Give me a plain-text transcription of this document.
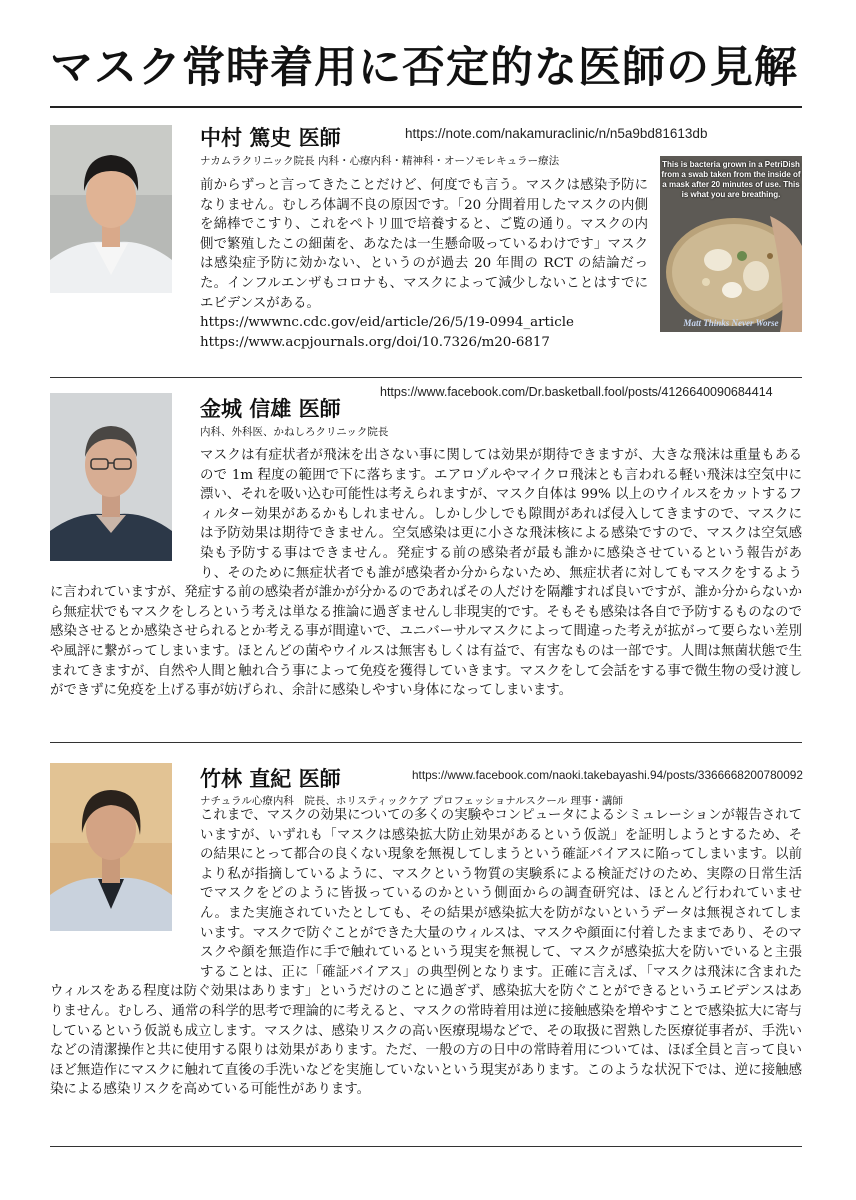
マスク常時着用に否定的な医師の見解
中村 篤史 医師	https://note.com/nakamuraclinic/n/n5a9bd81613db
ナカムラクリニック院長 内科・心療内科・精神科・オーソモレキュラー療法

前からずっと言ってきたことだけど、何度でも言う。マスクは感染予防になりません。むしろ体調不良の原因です。「20 分間着用したマスクの内側を綿棒でこすり、これをペトリ皿で培養すると、ご覧の通り。マスクの内側で繁殖したこの細菌を、あなたは一生懸命吸っているわけです」マスクは感染症予防に効かない、というのが過去 20 年間の RCT の結論だった。インフルエンザもコロナも、マスクによって減少しないことはすでにエビデンスがある。

https://wwwnc.cdc.gov/eid/article/26/5/19-0994_article
https://www.acpjournals.org/doi/10.7326/m20-6817
This is bacteria grown in a PetriDish from a swab taken from the inside of a mask after 20 minutes of use. This is what you are breathing.
Matt Thinks Never Worse
https://www.facebook.com/Dr.basketball.fool/posts/4126640090684414
金城 信雄 医師
内科、外科医、かねしろクリニック院長

マスクは有症状者が飛沫を出さない事に関しては効果が期待できますが、大きな飛沫は重量もあるので 1m 程度の範囲で下に落ちます。エアロゾルやマイクロ飛沫とも言われる軽い飛沫は空気中に漂い、それを吸い込む可能性は考えられますが、マスク自体は 99% 以上のウイルスをカットするフィルター効果があるかもしれません。しかし少しでも隙間があれば侵入してきますので、マスクには予防効果は期待できません。空気感染は更に小さな飛沫核による感染ですので、マスクは空気感染も予防する事はできません。発症する前の感染者が最も誰かに感染させているという報告があり、そのために無症状者でも誰が感染者か分からないため、無症状者に対してもマスクをするように言われていますが、発症する前の感染者が誰かが分かるのであればその人だけを隔離すれば良いですが、誰か分からないから無症状でもマスクをしろという考えは単なる推論に過ぎませんし非現実的です。そもそも感染は各自で予防するものなので感染させるとか感染させられるとか考える事が間違いで、ユニバーサルマスクによって間違った考えが拡がって要らない差別や風評に繋がってしまいます。ほとんどの菌やウイルスは無害もしくは有益で、有害なものは一部です。人間は無菌状態で生まれてきますが、自然や人間と触れ合う事によって免疫を獲得していきます。マスクをして会話をする事で微生物の受け渡しができずに免疫を上げる事が妨げられ、余計に感染しやすい身体になってしまいます。

竹林 直紀 医師	https://www.facebook.com/naoki.takebayashi.94/posts/3366668200780092
ナチュラル心療内科　院長、ホリスティックケア プロフェッショナルスクール 理事・講師

これまで、マスクの効果についての多くの実験やコンピュータによるシミュレーションが報告されていますが、いずれも「マスクは感染拡大防止効果があるという仮説」を証明しようとするため、その結果にとって都合の良くない現象を無視してしまうという確証バイアスに陥ってしまいます。以前より私が指摘しているように、マスクという物質の実験系による検証だけのため、実際の日常生活でマスクをどのように皆扱っているのかという側面からの調査研究は、ほとんど行われていません。また実施されていたとしても、その結果が感染拡大を防がないというデータは無視されてしまいます。マスクで防ぐことができた大量のウィルスは、マスクや顔面に付着したままであり、そのマスクや顔を無造作に手で触れているという現実を無視して、マスクが感染拡大を防いでいると主張することは、正に「確証バイアス」の典型例となります。正確に言えば、「マスクは飛沫に含まれたウィルスをある程度は防ぐ効果はあります」というだけのことに過ぎず、感染拡大を防ぐことができるというエビデンスはありません。むしろ、通常の科学的思考で理論的に考えると、マスクの常時着用は逆に接触感染を増やすことで感染拡大に寄与しているという仮説も成立します。マスクは、感染リスクの高い医療現場などで、その取扱に習熟した医療従事者が、手洗いなどの清潔操作と共に使用する限りは効果があります。ただ、一般の方の日中の常時着用については、ほぼ全員と言って良いほど無造作にマスクに触れて直後の手洗いなどを実施していないという現実があります。このような状況下では、逆に接触感染による感染リスクを高めている可能性があります。
